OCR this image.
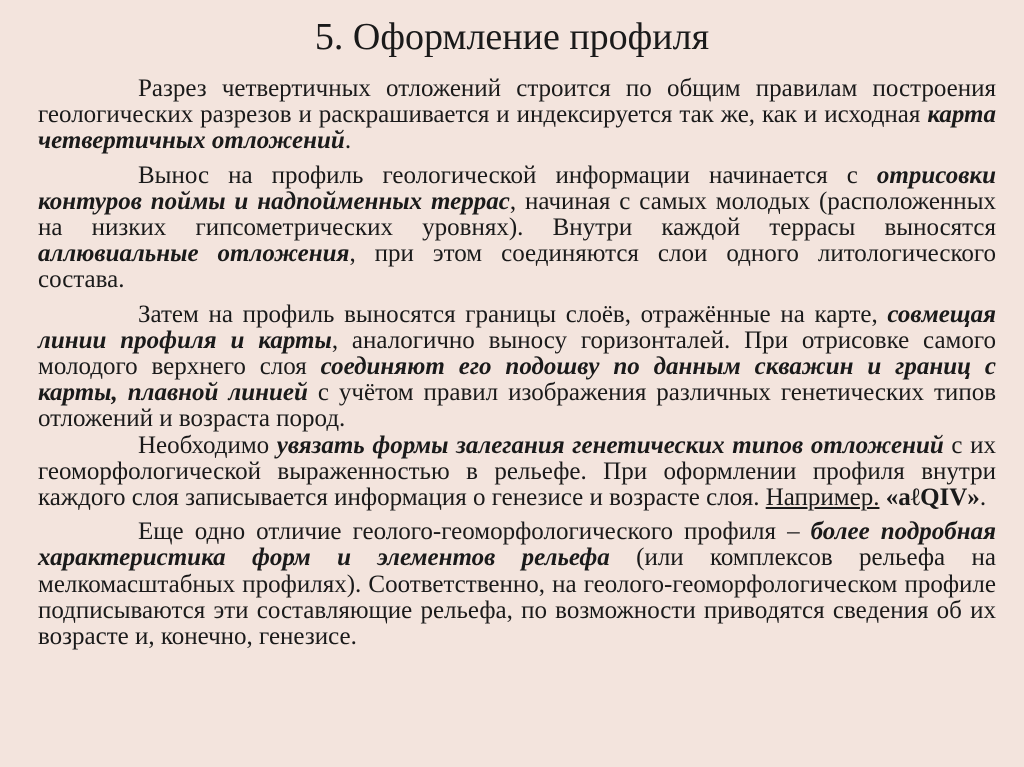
5. Оформление профиля

Разрез четвертичных отложений строится по общим правилам построения геологических разрезов и раскрашивается и индексируется так же, как и исходная карта четвертичных отложений.

Вынос на профиль геологической информации начинается с отрисовки контуров поймы и надпойменных террас, начиная с самых молодых (расположенных на низких гипсометрических уровнях). Внутри каждой террасы выносятся аллювиальные отложения, при этом соединяются слои одного литологического состава.

Затем на профиль выносятся границы слоёв, отражённые на карте, совмещая линии профиля и карты, аналогично выносу горизонталей. При отрисовке самого молодого верхнего слоя соединяют его подошву по данным скважин и границ с карты, плавной линией с учётом правил изображения различных генетических типов отложений и возраста пород.

Необходимо увязать формы залегания генетических типов отложений с их геоморфологической выраженностью в рельефе. При оформлении профиля внутри каждого слоя записывается информация о генезисе и возрасте слоя. Например. «aℓQIV».

Еще одно отличие геолого-геоморфологического профиля – более подробная характеристика форм и элементов рельефа (или комплексов рельефа на мелкомасштабных профилях). Соответственно, на геолого-геоморфологическом профиле подписываются эти составляющие рельефа, по возможности приводятся сведения об их возрасте и, конечно, генезисе.
